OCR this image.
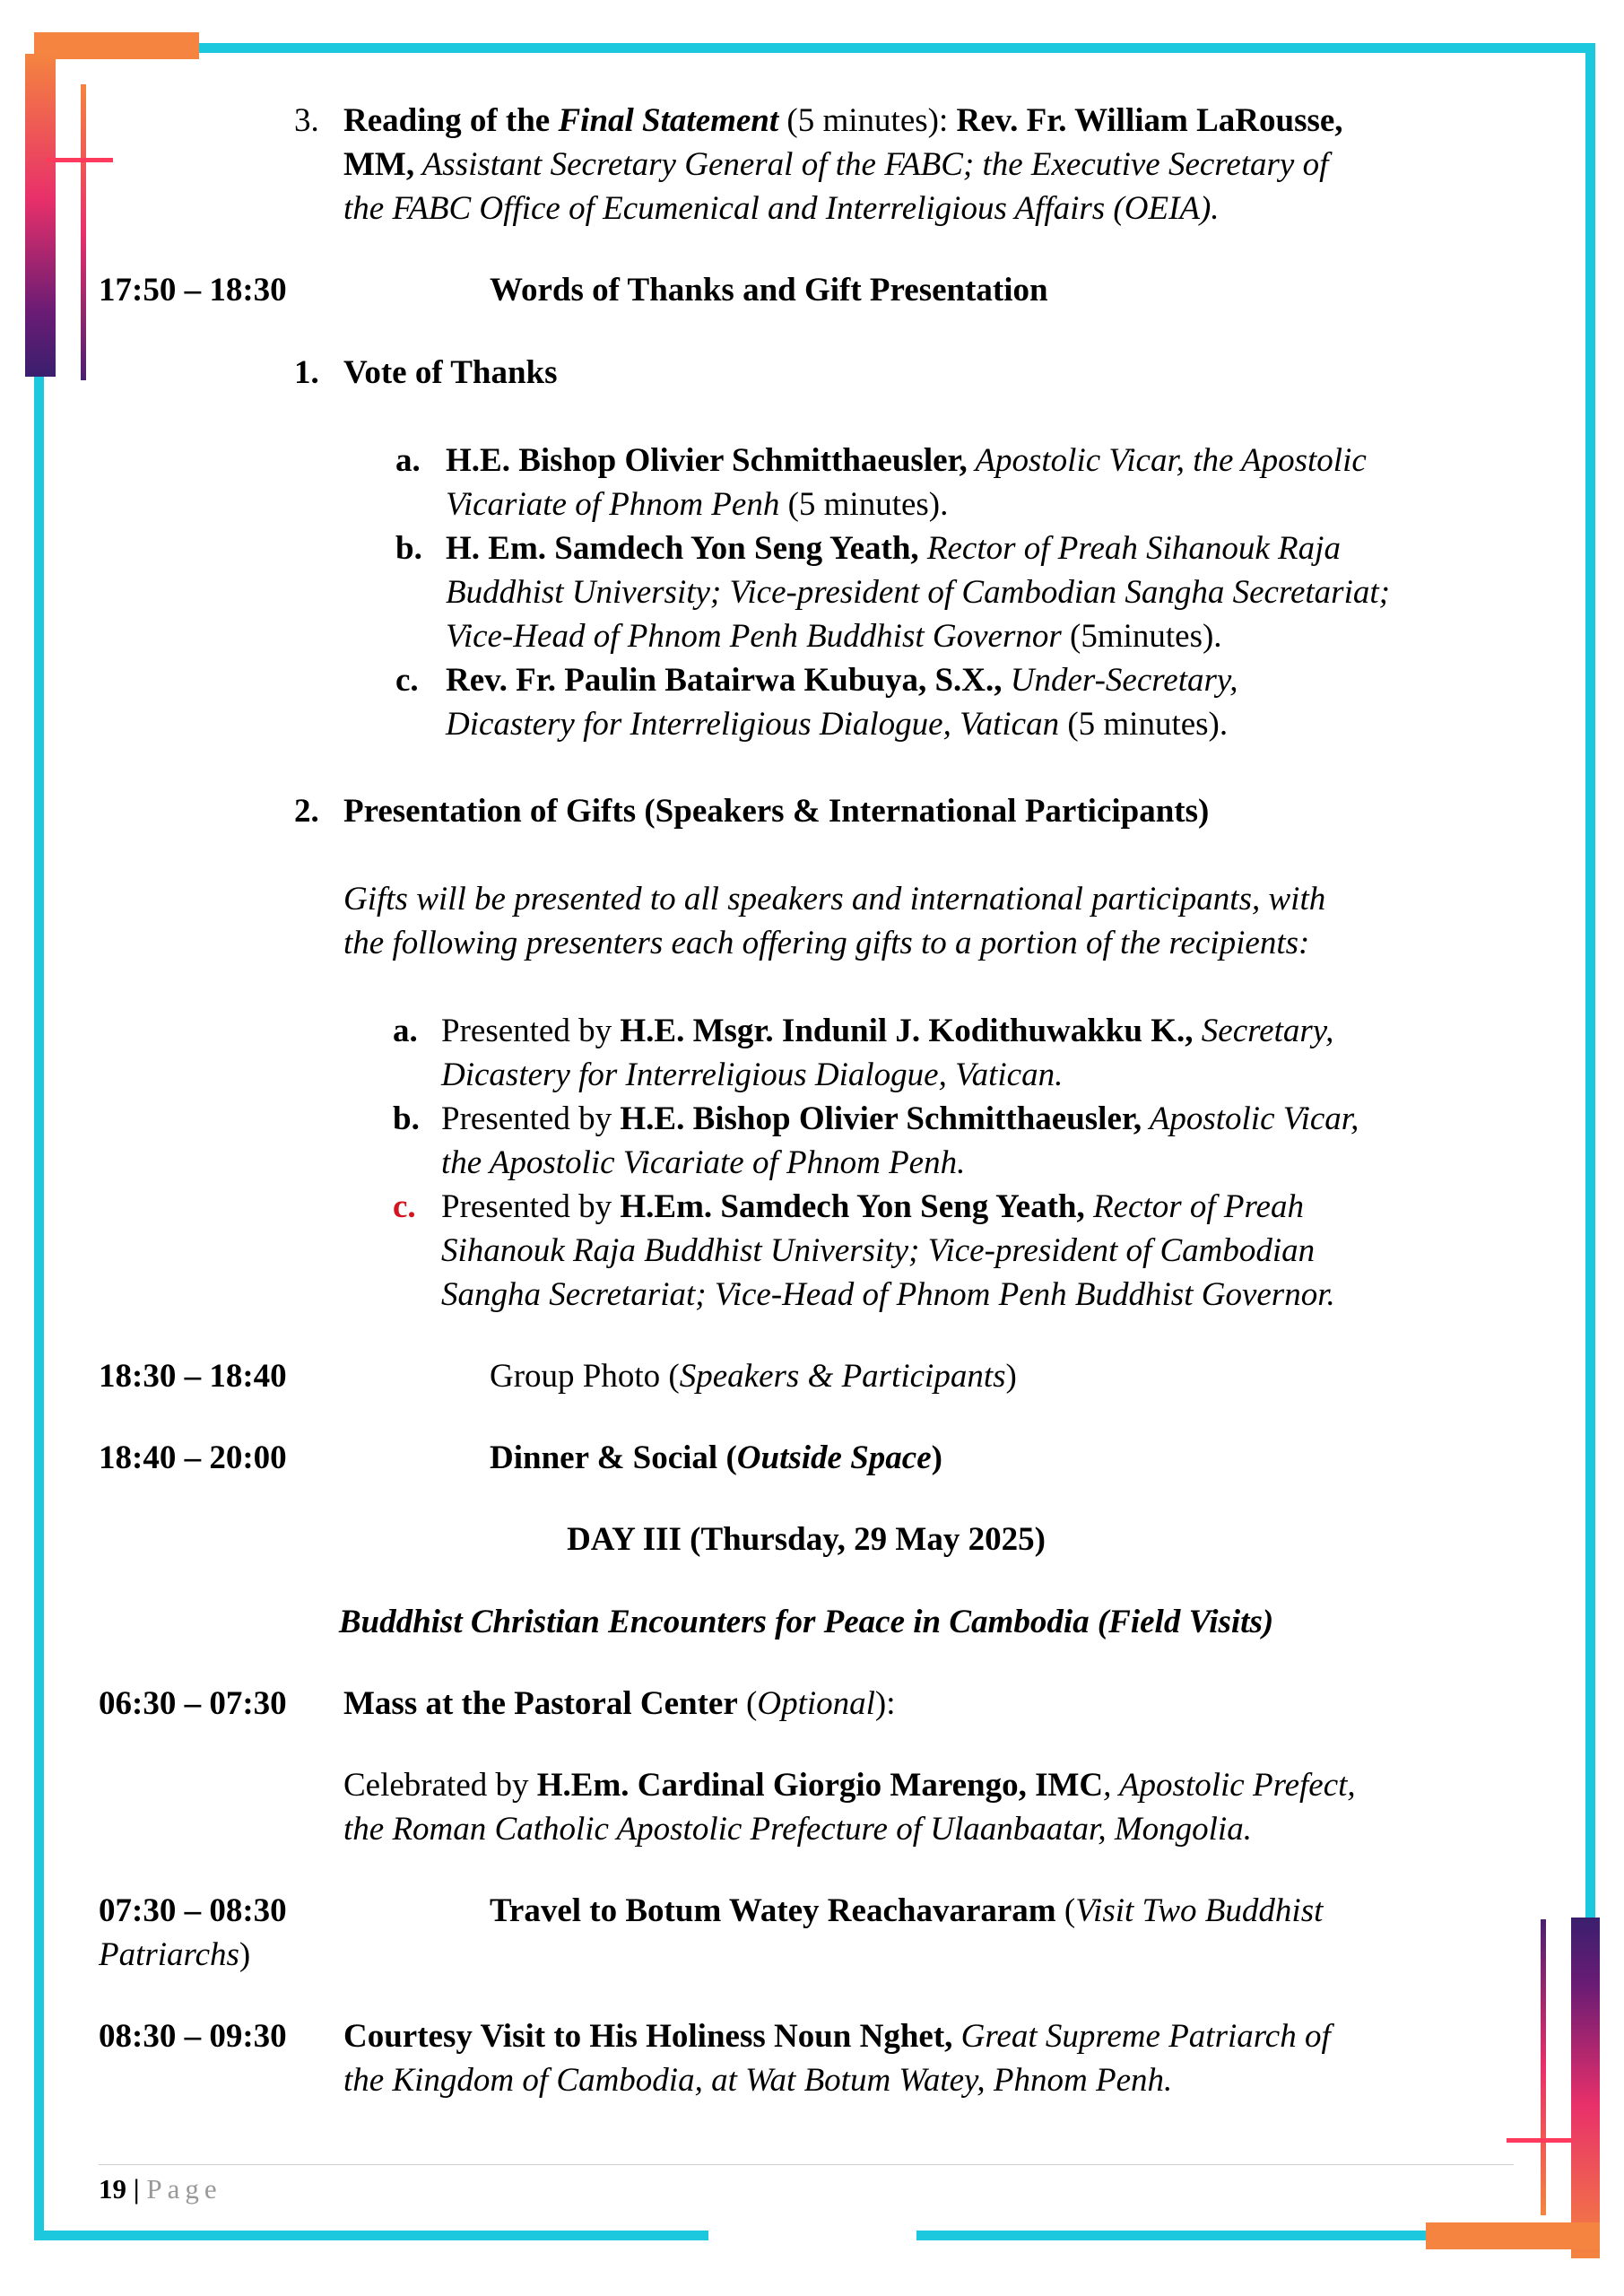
3. Reading of the Final Statement (5 minutes): Rev. Fr. William LaRousse,
MM, Assistant Secretary General of the FABC; the Executive Secretary of
the FABC Office of Ecumenical and Interreligious Affairs (OEIA).
17:50 – 18:30	Words of Thanks and Gift Presentation
1. Vote of Thanks
a. H.E. Bishop Olivier Schmitthaeusler, Apostolic Vicar, the Apostolic
Vicariate of Phnom Penh (5 minutes).
b. H. Em. Samdech Yon Seng Yeath, Rector of Preah Sihanouk Raja
Buddhist University; Vice-president of Cambodian Sangha Secretariat;
Vice-Head of Phnom Penh Buddhist Governor (5minutes).
c. Rev. Fr. Paulin Batairwa Kubuya, S.X., Under-Secretary,
Dicastery for Interreligious Dialogue, Vatican (5 minutes).
2. Presentation of Gifts (Speakers & International Participants)
Gifts will be presented to all speakers and international participants, with
the following presenters each offering gifts to a portion of the recipients:
a. Presented by H.E. Msgr. Indunil J. Kodithuwakku K., Secretary,
Dicastery for Interreligious Dialogue, Vatican.
b. Presented by H.E. Bishop Olivier Schmitthaeusler, Apostolic Vicar,
the Apostolic Vicariate of Phnom Penh.
c. Presented by H.Em. Samdech Yon Seng Yeath, Rector of Preah
Sihanouk Raja Buddhist University; Vice-president of Cambodian
Sangha Secretariat; Vice-Head of Phnom Penh Buddhist Governor.
18:30 – 18:40	Group Photo (Speakers & Participants)
18:40 – 20:00	Dinner & Social (Outside Space)
DAY III (Thursday, 29 May 2025)
Buddhist Christian Encounters for Peace in Cambodia (Field Visits)
06:30 – 07:30 Mass at the Pastoral Center (Optional):
Celebrated by H.Em. Cardinal Giorgio Marengo, IMC, Apostolic Prefect,
the Roman Catholic Apostolic Prefecture of Ulaanbaatar, Mongolia.
07:30 – 08:30	Travel to Botum Watey Reachavararam (Visit Two Buddhist
Patriarchs)
08:30 – 09:30 Courtesy Visit to His Holiness Noun Nghet, Great Supreme Patriarch of
the Kingdom of Cambodia, at Wat Botum Watey, Phnom Penh.
19 | Page
